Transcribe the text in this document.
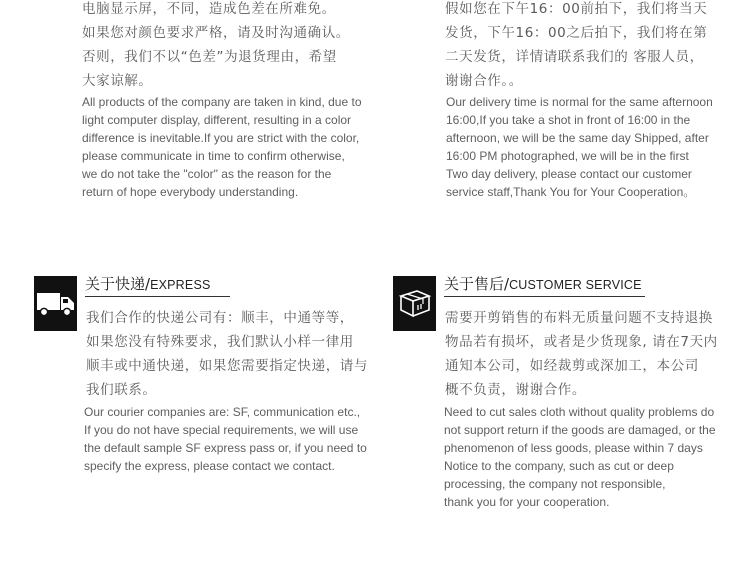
电脑显示屏，不同，造成色差在所难免。
如果您对颜色要求严格，请及时沟通确认。
否则，我们不以“色差”为退货理由，希望
大家谅解。
All products of the company are taken in kind, due to
light computer display, different, resulting in a color
difference is inevitable.If you are strict with the color,
please communicate in time to confirm otherwise,
we do not take the "color" as the reason for the
return of hope everybody understanding.
假如您在下午16：00前拍下，我们将当天
发货，下午16：00之后拍下，我们将在第
二天发货，详情请联系我们的 客服人员，
谢谢合作。。
Our delivery time is normal for the same afternoon
16:00,If you take a shot in front of 16:00 in the
afternoon, we will be the same day Shipped, after
16:00 PM photographed, we will be in the first
Two day delivery, please contact our customer
service staff,Thank You for Your Cooperation。
关于快递/EXPRESS
我们合作的快递公司有：顺丰，中通等等，
如果您没有特殊要求，我们默认小样一律用
顺丰或中通快递，如果您需要指定快递，请与
我们联系。
Our courier companies are: SF, communication etc.,
If you do not have special requirements, we will use
the default sample SF express pass or, if you need to
specify the express, please contact we contact.
关于售后/CUSTOMER SERVICE
需要开剪销售的布料无质量问题不支持退换
物品若有损坏，或者是少货现象, 请在7天内
通知本公司，如经裁剪或深加工，本公司
概不负责，谢谢合作。
Need to cut sales cloth without quality problems do
not support return if the goods are damaged, or the
phenomenon of less goods, please within 7 days
Notice to the company, such as cut or deep
processing, the company not responsible,
thank you for your cooperation.
